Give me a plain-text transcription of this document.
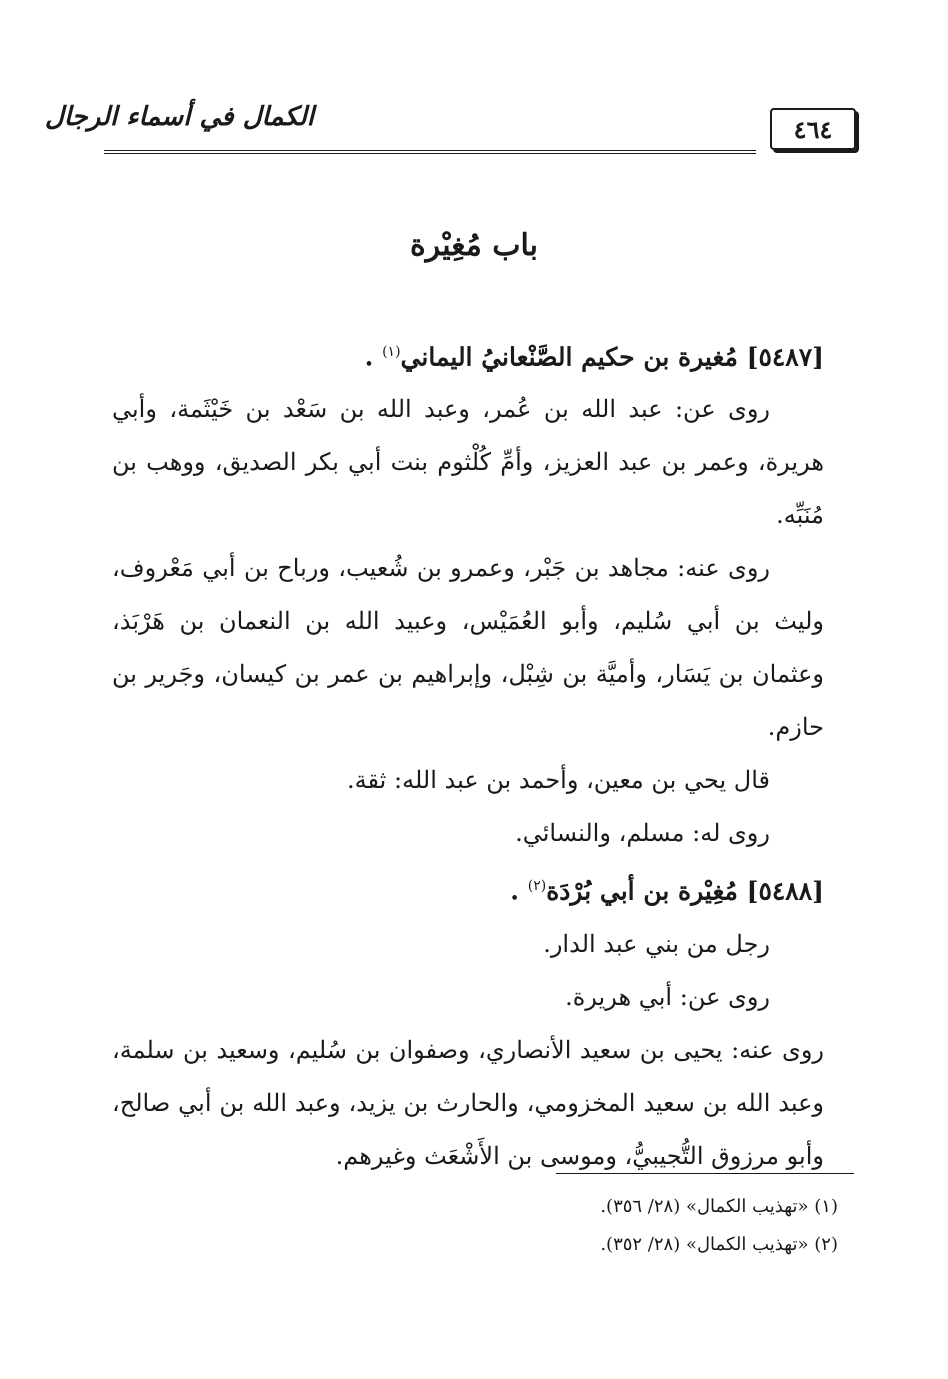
٤٦٤
الكمال في أسماء الرجال
باب مُغِيْرة
[٥٤٨٧] مُغيرة بن حكيم الصَّنْعانيُ اليماني$^{(١)}$ .

روى عن: عبد الله بن عُمر، وعبد الله بن سَعْد بن خَيْثَمة، وأبي هريرة، وعمر بن عبد العزيز، وأمِّ كُلْثوم بنت أبي بكر الصديق، ووهب بن مُنَبِّه.

روى عنه: مجاهد بن جَبْر، وعمرو بن شُعيب، ورباح بن أبي مَعْروف، وليث بن أبي سُليم، وأبو العُمَيْس، وعبيد الله بن النعمان بن هَرْبَذ، وعثمان بن يَسَار، وأميَّة بن شِبْل، وإبراهيم بن عمر بن كيسان، وجَرير بن حازم.

قال يحي بن معين، وأحمد بن عبد الله: ثقة.

روى له: مسلم، والنسائي.

[٥٤٨٨] مُغِيْرة بن أبي بُرْدَة$^{(٢)}$ .

رجل من بني عبد الدار.

روى عن: أبي هريرة.

روى عنه: يحيى بن سعيد الأنصاري، وصفوان بن سُليم، وسعيد بن سلمة، وعبد الله بن سعيد المخزومي، والحارث بن يزيد، وعبد الله بن أبي صالح، وأبو مرزوق التُّجيبيُّ، وموسى بن الأَشْعَث وغيرهم.

(١) «تهذيب الكمال» (٢٨/ ٣٥٦).
(٢) «تهذيب الكمال» (٢٨/ ٣٥٢).
